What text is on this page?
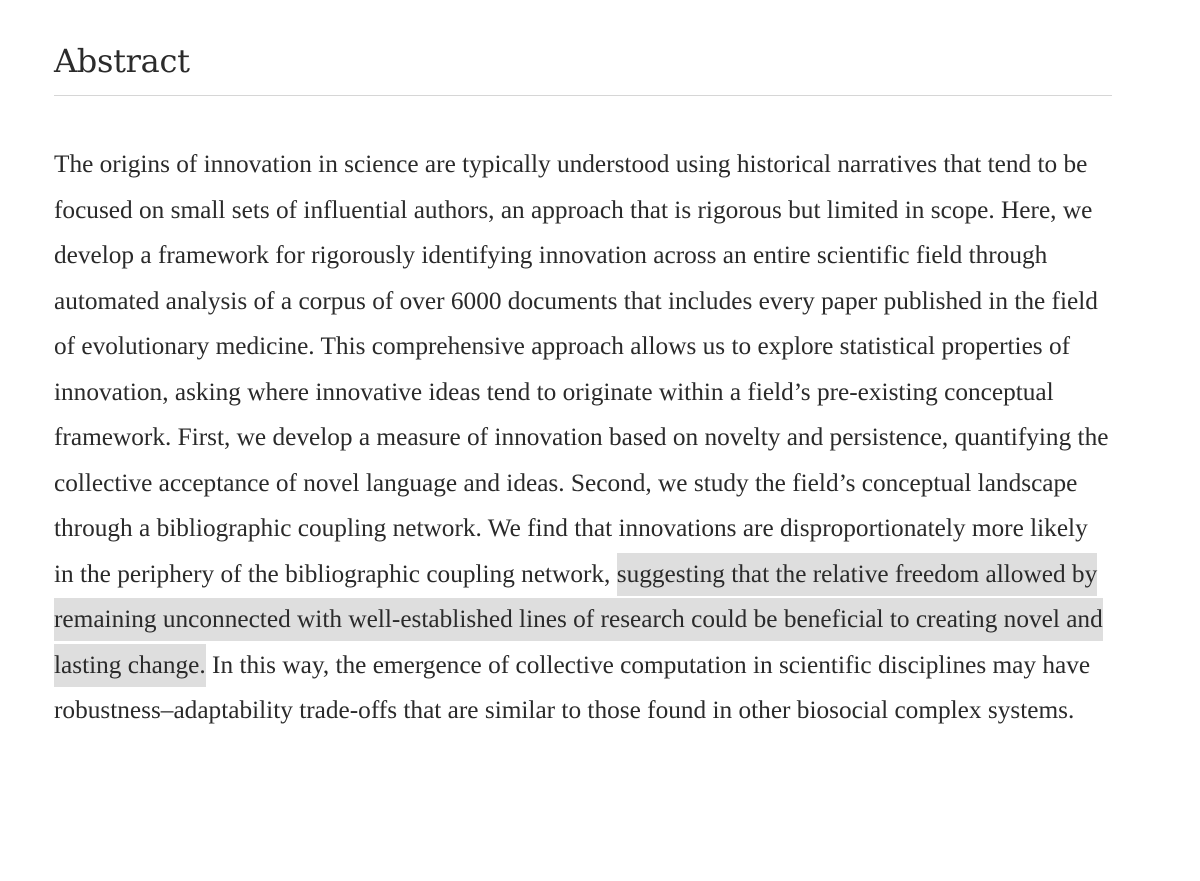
Abstract

The origins of innovation in science are typically understood using historical narratives that tend to be focused on small sets of influential authors, an approach that is rigorous but limited in scope. Here, we develop a framework for rigorously identifying innovation across an entire scientific field through automated analysis of a corpus of over 6000 documents that includes every paper published in the field of evolutionary medicine. This comprehensive approach allows us to explore statistical properties of innovation, asking where innovative ideas tend to originate within a field’s pre-existing conceptual framework. First, we develop a measure of innovation based on novelty and persistence, quantifying the collective acceptance of novel language and ideas. Second, we study the field’s conceptual landscape through a bibliographic coupling network. We find that innovations are disproportionately more likely in the periphery of the bibliographic coupling network, suggesting that the relative freedom allowed by remaining unconnected with well-established lines of research could be beneficial to creating novel and lasting change. In this way, the emergence of collective computation in scientific disciplines may have robustness–adaptability trade-offs that are similar to those found in other biosocial complex systems.
